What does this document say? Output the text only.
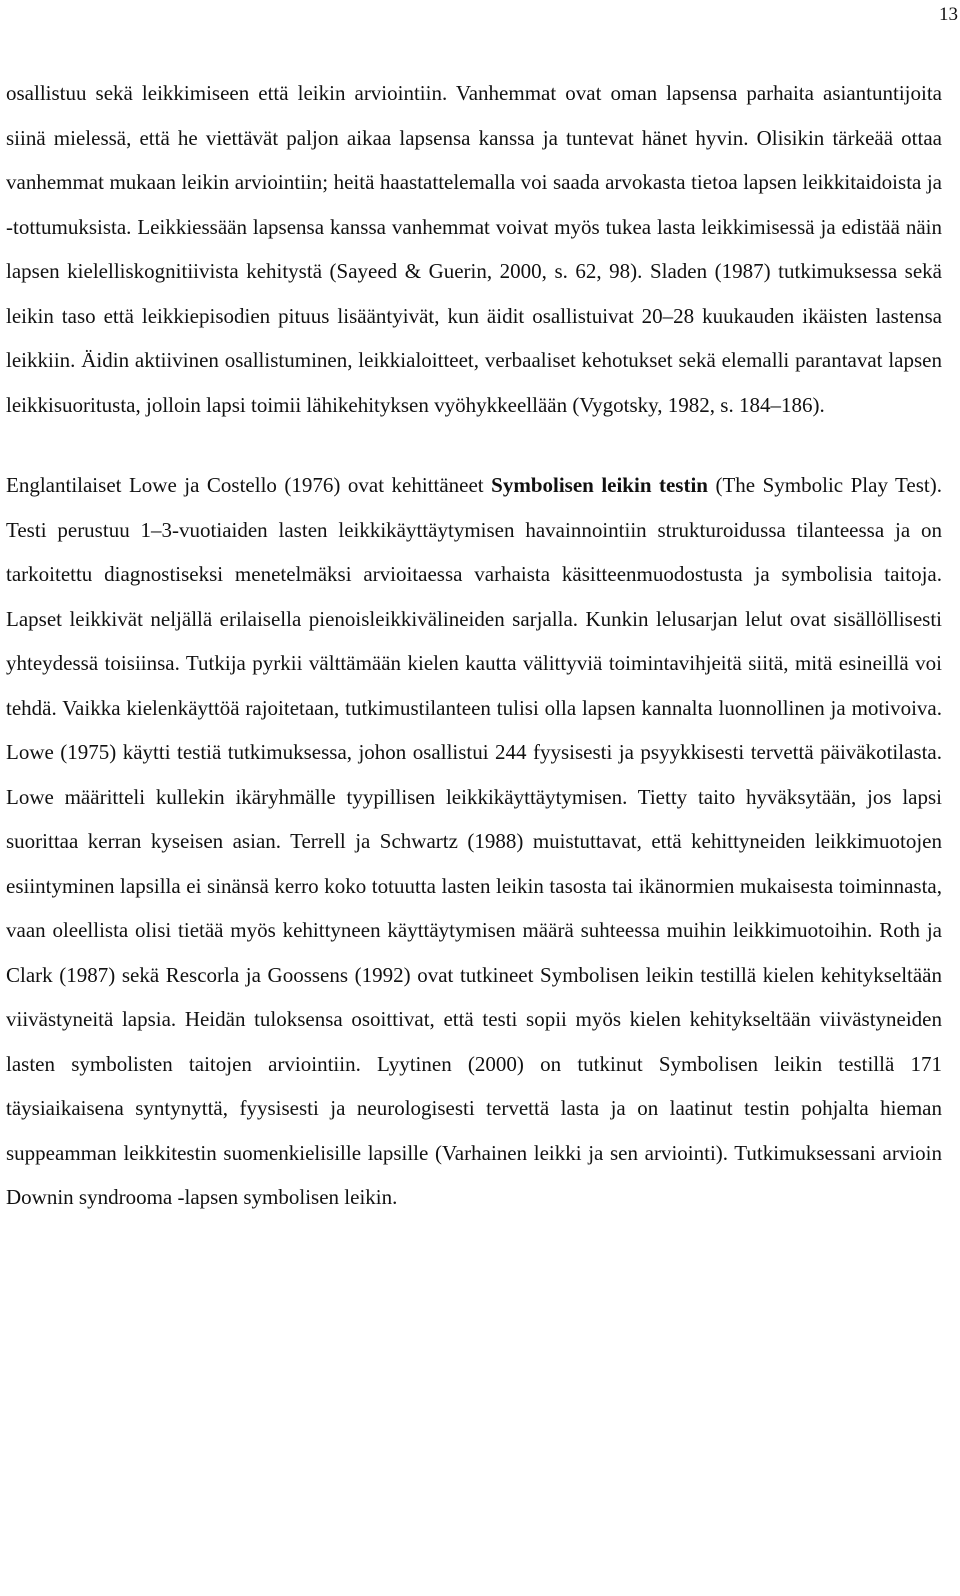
13

osallistuu sekä leikkimiseen että leikin arviointiin. Vanhemmat ovat oman lapsensa parhaita asiantuntijoita siinä mielessä, että he viettävät paljon aikaa lapsensa kanssa ja tuntevat hänet hyvin. Olisikin tärkeää ottaa vanhemmat mukaan leikin arviointiin; heitä haastattelemalla voi saada arvokasta tietoa lapsen leikkitaidoista ja -tottumuksista. Leikkiessään lapsensa kanssa vanhemmat voivat myös tukea lasta leikkimisessä ja edistää näin lapsen kielelliskognitiivista kehitystä (Sayeed & Guerin, 2000, s. 62, 98). Sladen (1987) tutkimuksessa sekä leikin taso että leikkiepisodien pituus lisääntyivät, kun äidit osallistuivat 20–28 kuukauden ikäisten lastensa leikkiin. Äidin aktiivinen osallistuminen, leikkialoitteet, verbaaliset kehotukset sekä elemalli parantavat lapsen leikkisuoritusta, jolloin lapsi toimii lähikehityksen vyöhykkeellään (Vygotsky, 1982, s. 184–186).

Englantilaiset Lowe ja Costello (1976) ovat kehittäneet Symbolisen leikin testin (The Symbolic Play Test). Testi perustuu 1–3-vuotiaiden lasten leikkikäyttäytymisen havainnointiin strukturoidussa tilanteessa ja on tarkoitettu diagnostiseksi menetelmäksi arvioitaessa varhaista käsitteenmuodostusta ja symbolisia taitoja. Lapset leikkivät neljällä erilaisella pienoisleikkivälineiden sarjalla. Kunkin lelusarjan lelut ovat sisällöllisesti yhteydessä toisiinsa. Tutkija pyrkii välttämään kielen kautta välittyviä toimintavihjeitä siitä, mitä esineillä voi tehdä. Vaikka kielenkäyttöä rajoitetaan, tutkimustilanteen tulisi olla lapsen kannalta luonnollinen ja motivoiva. Lowe (1975) käytti testiä tutkimuksessa, johon osallistui 244 fyysisesti ja psyykkisesti tervettä päiväkotilasta. Lowe määritteli kullekin ikäryhmälle tyypillisen leikkikäyttäytymisen. Tietty taito hyväksytään, jos lapsi suorittaa kerran kyseisen asian. Terrell ja Schwartz (1988) muistuttavat, että kehittyneiden leikkimuotojen esiintyminen lapsilla ei sinänsä kerro koko totuutta lasten leikin tasosta tai ikänormien mukaisesta toiminnasta, vaan oleellista olisi tietää myös kehittyneen käyttäytymisen määrä suhteessa muihin leikkimuotoihin. Roth ja Clark (1987) sekä Rescorla ja Goossens (1992) ovat tutkineet Symbolisen leikin testillä kielen kehitykseltään viivästyneitä lapsia. Heidän tuloksensa osoittivat, että testi sopii myös kielen kehitykseltään viivästyneiden lasten symbolisten taitojen arviointiin. Lyytinen (2000) on tutkinut Symbolisen leikin testillä 171 täysiaikaisena syntynyttä, fyysisesti ja neurologisesti tervettä lasta ja on laatinut testin pohjalta hieman suppeamman leikkitestin suomenkielisille lapsille (Varhainen leikki ja sen arviointi). Tutkimuksessani arvioin Downin syndrooma -lapsen symbolisen leikin.
